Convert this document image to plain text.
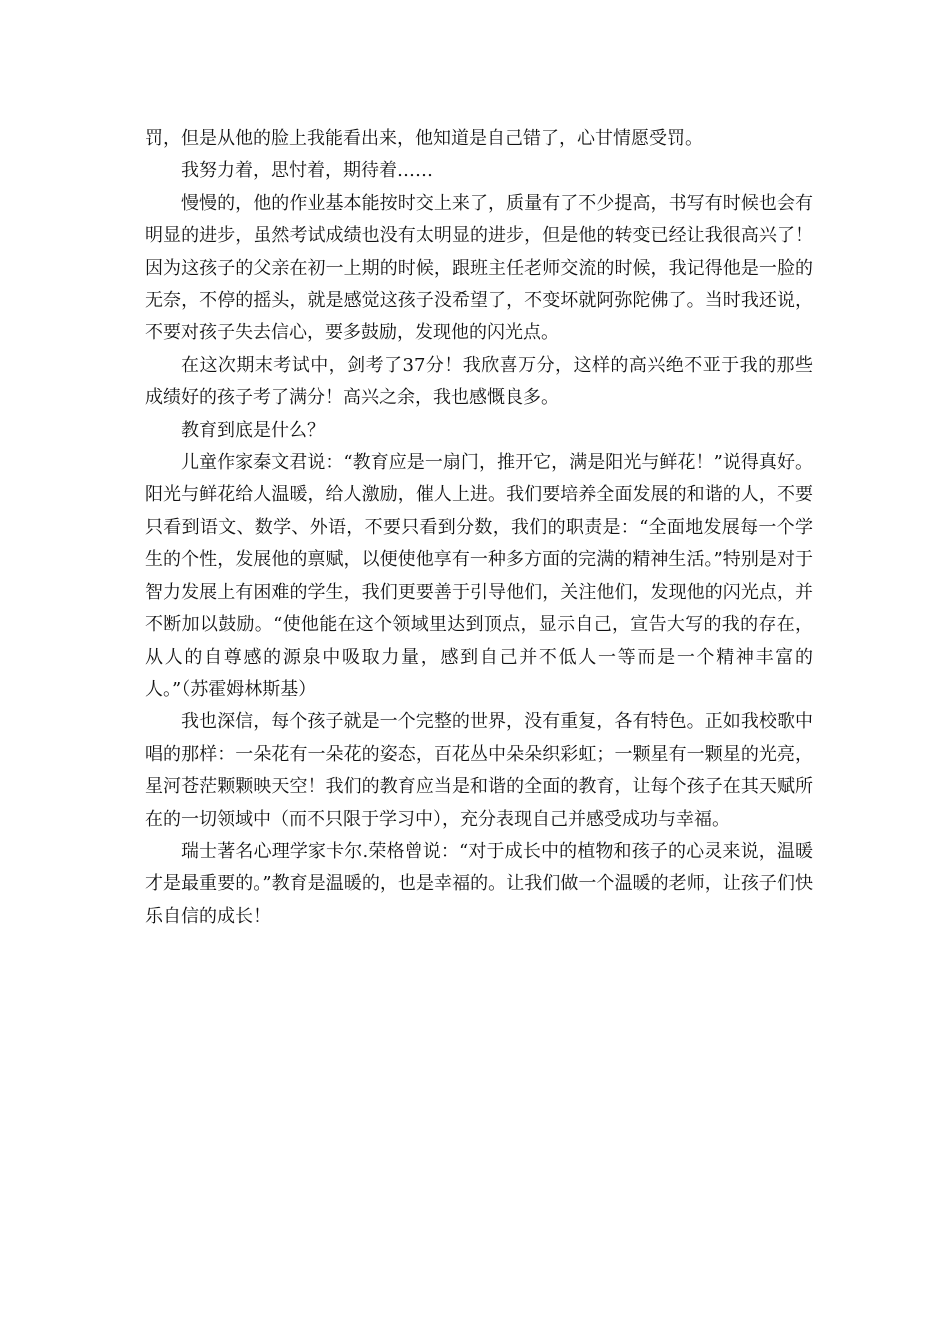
罚，但是从他的脸上我能看出来，他知道是自己错了，心甘情愿受罚。

我努力着，思忖着，期待着……

慢慢的，他的作业基本能按时交上来了，质量有了不少提高，书写有时候也会有明显的进步，虽然考试成绩也没有太明显的进步，但是他的转变已经让我很高兴了！因为这孩子的父亲在初一上期的时候，跟班主任老师交流的时候，我记得他是一脸的无奈，不停的摇头，就是感觉这孩子没希望了，不变坏就阿弥陀佛了。当时我还说，不要对孩子失去信心，要多鼓励，发现他的闪光点。

在这次期末考试中，剑考了37分！我欣喜万分，这样的高兴绝不亚于我的那些成绩好的孩子考了满分！高兴之余，我也感慨良多。

教育到底是什么？

儿童作家秦文君说：“教育应是一扇门，推开它，满是阳光与鲜花！”说得真好。阳光与鲜花给人温暖，给人激励，催人上进。我们要培养全面发展的和谐的人，不要只看到语文、数学、外语，不要只看到分数，我们的职责是：“全面地发展每一个学生的个性，发展他的禀赋，以便使他享有一种多方面的完满的精神生活。”特别是对于智力发展上有困难的学生，我们更要善于引导他们，关注他们，发现他的闪光点，并不断加以鼓励。“使他能在这个领域里达到顶点，显示自己，宣告大写的我的存在，从人的自尊感的源泉中吸取力量，感到自己并不低人一等而是一个精神丰富的人。”（苏霍姆林斯基）

我也深信，每个孩子就是一个完整的世界，没有重复，各有特色。正如我校歌中唱的那样：一朵花有一朵花的姿态，百花丛中朵朵织彩虹；一颗星有一颗星的光亮，星河苍茫颗颗映天空！我们的教育应当是和谐的全面的教育，让每个孩子在其天赋所在的一切领域中（而不只限于学习中），充分表现自己并感受成功与幸福。

瑞士著名心理学家卡尔.荣格曾说：“对于成长中的植物和孩子的心灵来说，温暖才是最重要的。”教育是温暖的，也是幸福的。让我们做一个温暖的老师，让孩子们快乐自信的成长！
